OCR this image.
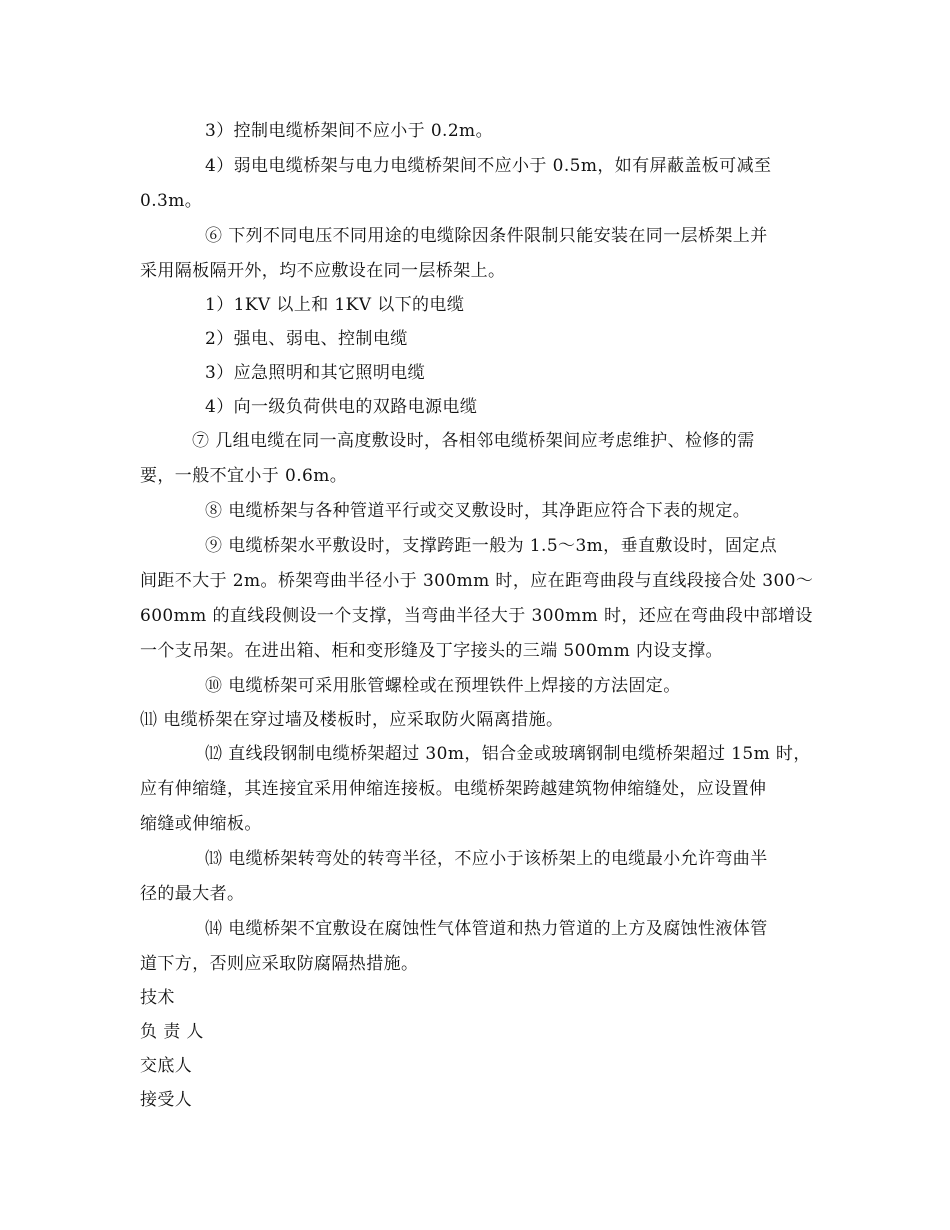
3）控制电缆桥架间不应小于 0.2m。
4）弱电电缆桥架与电力电缆桥架间不应小于 0.5m，如有屏蔽盖板可减至
0.3m。
⑥ 下列不同电压不同用途的电缆除因条件限制只能安装在同一层桥架上并
采用隔板隔开外，均不应敷设在同一层桥架上。
1）1KV 以上和 1KV 以下的电缆
2）强电、弱电、控制电缆
3）应急照明和其它照明电缆
4）向一级负荷供电的双路电源电缆
⑦ 几组电缆在同一高度敷设时，各相邻电缆桥架间应考虑维护、检修的需
要，一般不宜小于 0.6m。
⑧ 电缆桥架与各种管道平行或交叉敷设时，其净距应符合下表的规定。
⑨ 电缆桥架水平敷设时，支撑跨距一般为 1.5～3m，垂直敷设时，固定点
间距不大于 2m。桥架弯曲半径小于 300mm 时，应在距弯曲段与直线段接合处 300～
600mm 的直线段侧设一个支撑，当弯曲半径大于 300mm 时，还应在弯曲段中部增设
一个支吊架。在进出箱、柜和变形缝及丁字接头的三端 500mm 内设支撑。
⑩ 电缆桥架可采用胀管螺栓或在预埋铁件上焊接的方法固定。
⑾ 电缆桥架在穿过墙及楼板时，应采取防火隔离措施。
⑿ 直线段钢制电缆桥架超过 30m，铝合金或玻璃钢制电缆桥架超过 15m 时，
应有伸缩缝，其连接宜采用伸缩连接板。电缆桥架跨越建筑物伸缩缝处，应设置伸
缩缝或伸缩板。
⒀ 电缆桥架转弯处的转弯半径，不应小于该桥架上的电缆最小允许弯曲半
径的最大者。
⒁ 电缆桥架不宜敷设在腐蚀性气体管道和热力管道的上方及腐蚀性液体管
道下方，否则应采取防腐隔热措施。
技术
负 责 人
交底人
接受人
